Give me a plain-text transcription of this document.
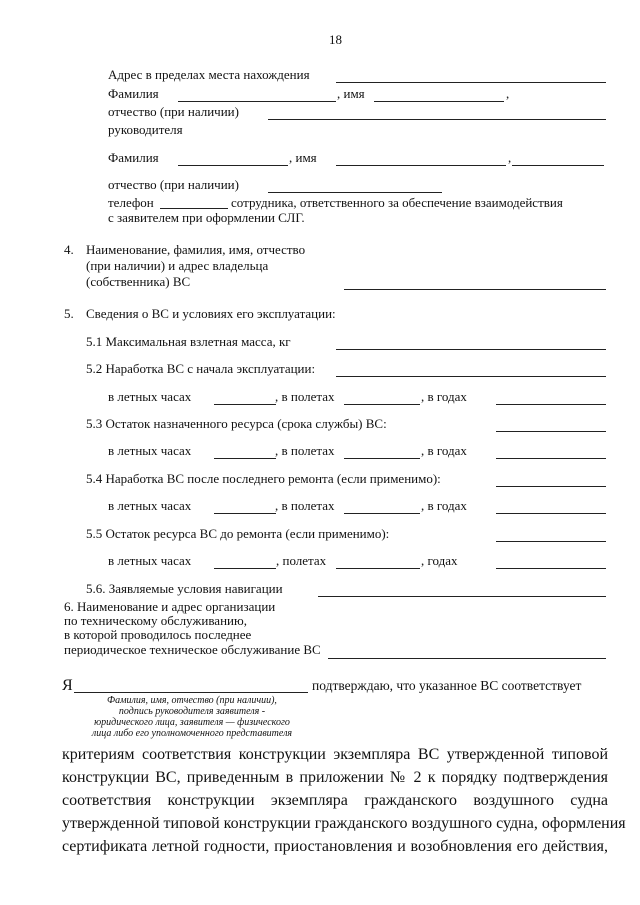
18
Адрес в пределах места нахождения
Фамилия	, имя	,
отчество (при наличии)
руководителя
Фамилия	, имя	,
отчество (при наличии)
телефон	сотрудника, ответственного за обеспечение взаимодействия
с заявителем при оформлении СЛГ.
4. Наименование, фамилия, имя, отчество
(при наличии) и адрес владельца
(собственника) ВС
5. Сведения о ВС и условиях его эксплуатации:
5.1 Максимальная взлетная масса, кг
5.2 Наработка ВС с начала эксплуатации:
в летных часах	, в полетах	, в годах
5.3 Остаток назначенного ресурса (срока службы) ВС:
в летных часах	, в полетах	, в годах
5.4 Наработка ВС после последнего ремонта (если применимо):
в летных часах	, в полетах	, в годах
5.5 Остаток ресурса ВС до ремонта (если применимо):
в летных часах	, полетах	, годах
5.6. Заявляемые условия навигации
6. Наименование и адрес организации
по техническому обслуживанию,
в которой проводилось последнее
периодическое техническое обслуживание ВС
Я	подтверждаю, что указанное ВС соответствует
Фамилия, имя, отчество (при наличии),
подпись руководителя заявителя -
юридического лица, заявителя — физического
лица либо его уполномоченного представителя
критериям соответствия конструкции экземпляра ВС утвержденной типовой
конструкции ВС, приведенным в приложении № 2 к порядку подтверждения
соответствия конструкции экземпляра гражданского воздушного судна
утвержденной типовой конструкции гражданского воздушного судна, оформления
сертификата летной годности, приостановления и возобновления его действия,
